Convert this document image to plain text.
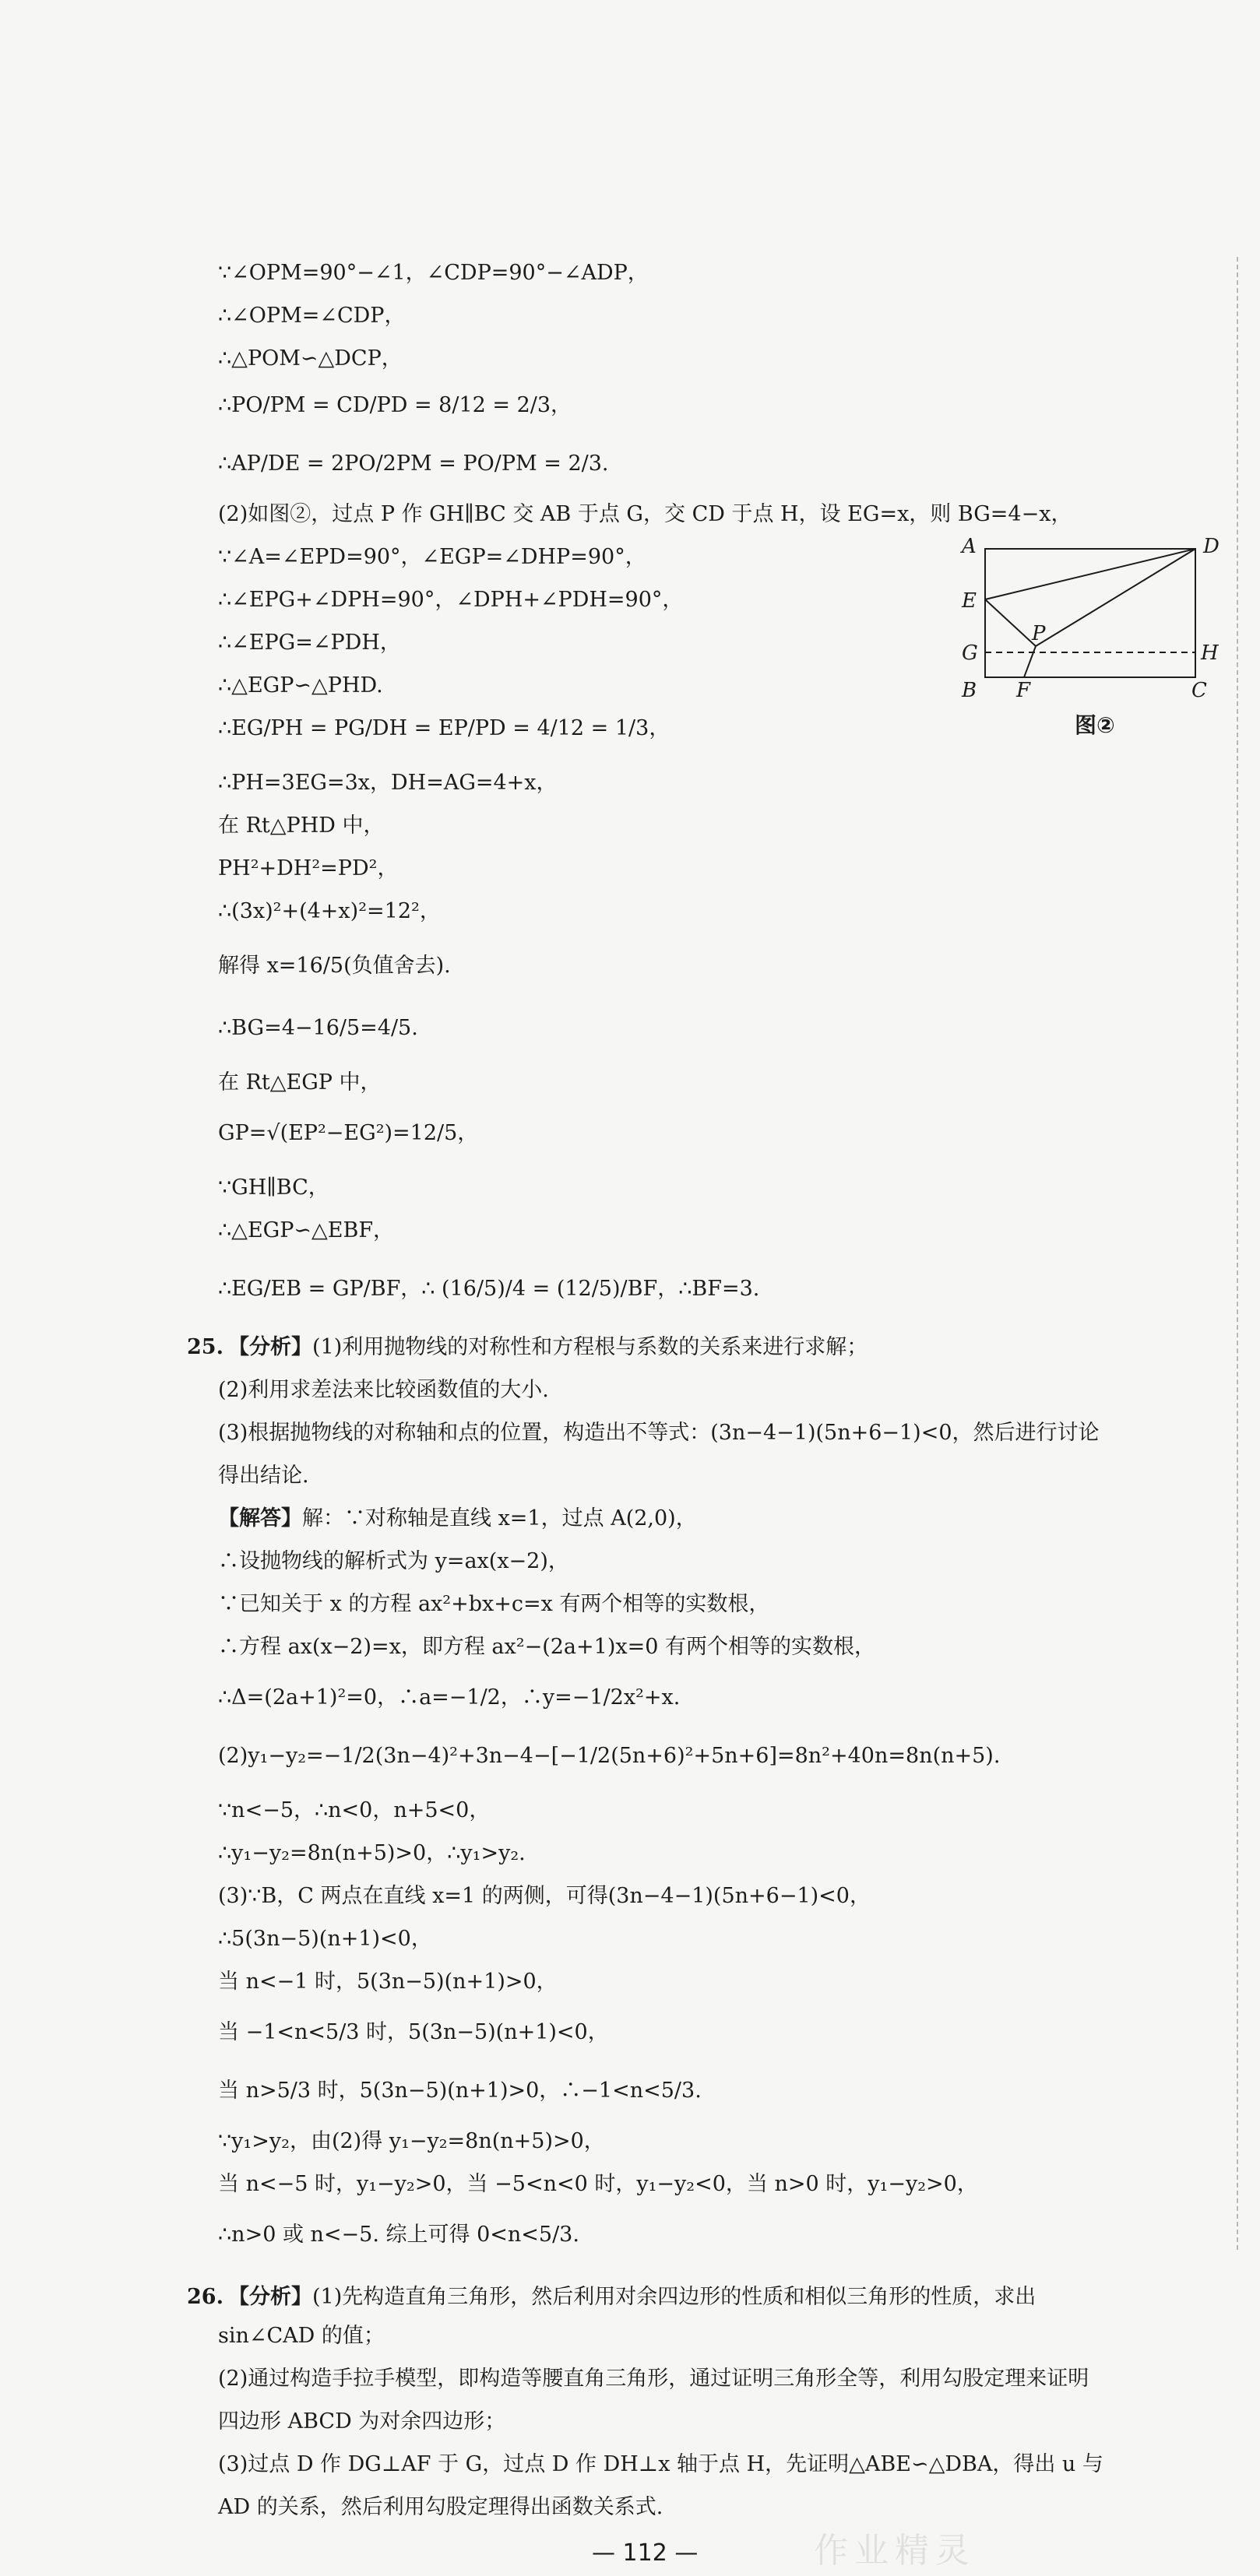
∵∠OPM=90°−∠1，∠CDP=90°−∠ADP，
∴∠OPM=∠CDP，
∴△POM∽△DCP，
∴PO/PM = CD/PD = 8/12 = 2/3，
∴AP/DE = 2PO/2PM = PO/PM = 2/3.
(2)如图②，过点 P 作 GH∥BC 交 AB 于点 G，交 CD 于点 H，设 EG=x，则 BG=4−x，
∵∠A=∠EPD=90°，∠EGP=∠DHP=90°，
∴∠EPG+∠DPH=90°，∠DPH+∠PDH=90°，
∴∠EPG=∠PDH，
∴△EGP∽△PHD.
∴EG/PH = PG/DH = EP/PD = 4/12 = 1/3，
∴PH=3EG=3x，DH=AG=4+x，
在 Rt△PHD 中，
PH²+DH²=PD²，
∴(3x)²+(4+x)²=12²，
解得 x=16/5(负值舍去).
∴BG=4−16/5=4/5.
在 Rt△EGP 中，
GP=√(EP²−EG²)=12/5，
∵GH∥BC，
∴△EGP∽△EBF，
∴EG/EB = GP/BF，∴ (16/5)/4 = (12/5)/BF，∴BF=3.
25. 【分析】(1)利用抛物线的对称性和方程根与系数的关系来进行求解；
(2)利用求差法来比较函数值的大小.
(3)根据抛物线的对称轴和点的位置，构造出不等式：(3n−4−1)(5n+6−1)<0，然后进行讨论
得出结论.
【解答】解：∵对称轴是直线 x=1，过点 A(2,0)，
∴设抛物线的解析式为 y=ax(x−2)，
∵已知关于 x 的方程 ax²+bx+c=x 有两个相等的实数根，
∴方程 ax(x−2)=x，即方程 ax²−(2a+1)x=0 有两个相等的实数根，
∴Δ=(2a+1)²=0，∴a=−1/2，∴y=−1/2x²+x.
(2)y₁−y₂=−1/2(3n−4)²+3n−4−[−1/2(5n+6)²+5n+6]=8n²+40n=8n(n+5).
∵n<−5，∴n<0，n+5<0，
∴y₁−y₂=8n(n+5)>0，∴y₁>y₂.
(3)∵B，C 两点在直线 x=1 的两侧，可得(3n−4−1)(5n+6−1)<0，
∴5(3n−5)(n+1)<0，
当 n<−1 时，5(3n−5)(n+1)>0，
当 −1<n<5/3 时，5(3n−5)(n+1)<0，
当 n>5/3 时，5(3n−5)(n+1)>0，∴−1<n<5/3.
∵y₁>y₂，由(2)得 y₁−y₂=8n(n+5)>0，
当 n<−5 时，y₁−y₂>0，当 −5<n<0 时，y₁−y₂<0，当 n>0 时，y₁−y₂>0，
∴n>0 或 n<−5. 综上可得 0<n<5/3.
26. 【分析】(1)先构造直角三角形，然后利用对余四边形的性质和相似三角形的性质，求出
sin∠CAD 的值；
— 112 —	作业精灵
A	D
E
G
P
H
B F	C
图②
(2)通过构造手拉手模型，即构造等腰直角三角形，通过证明三角形全等，利用勾股定理来证明
四边形 ABCD 为对余四边形；
(3)过点 D 作 DG⊥AF 于 G，过点 D 作 DH⊥x 轴于点 H，先证明△ABE∽△DBA，得出 u 与
AD 的关系，然后利用勾股定理得出函数关系式.
